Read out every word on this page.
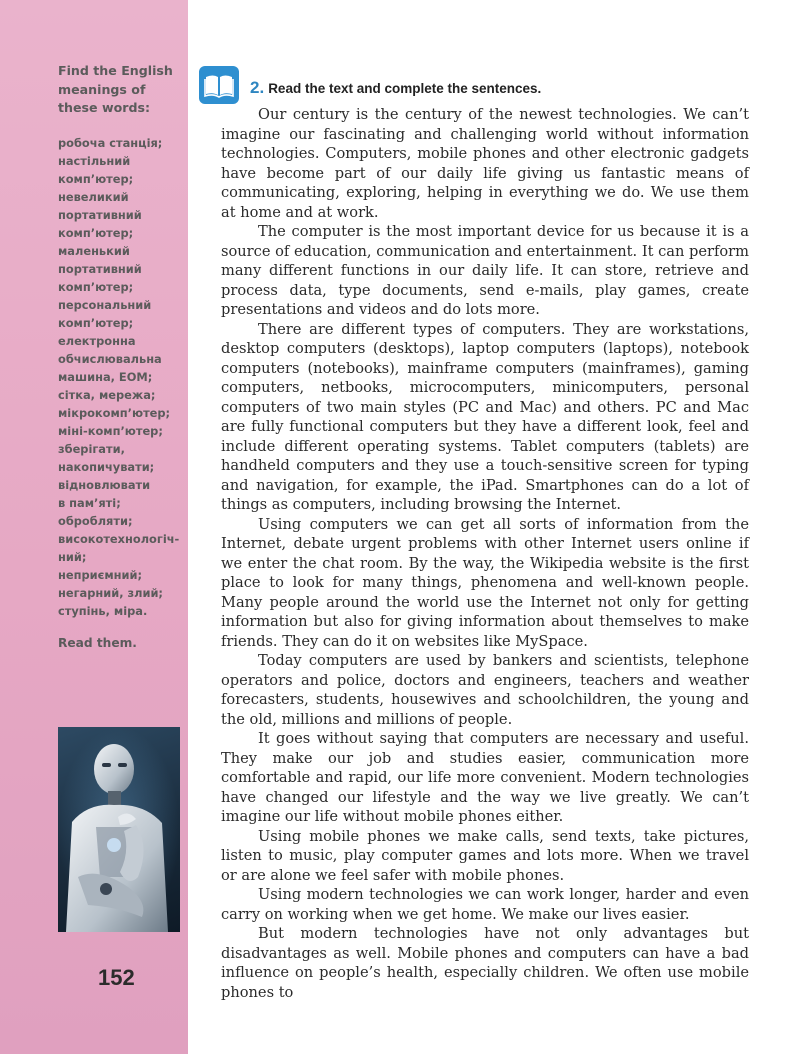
Find the English meanings of these words:
робоча станція;
настільний
комп’ютер;
невеликий
портативний
комп’ютер;
маленький
портативний
комп’ютер;
персональний
комп’ютер;
електронна
обчислювальна
машина, ЕОМ;
сітка, мережа;
мікрокомп’ютер;
міні-комп’ютер;
зберігати,
накопичувати;
відновлювати
в пам’яті;
обробляти;
високотехнологіч-
ний;
неприємний;
негарний, злий;
ступінь, міра.
Read them.
152
2. Read the text and complete the sentences.

Our century is the century of the newest technologies. We can’t imagine our fascinating and challenging world without information technologies. Computers, mobile phones and other electronic gadgets have become part of our daily life giving us fantastic means of communicating, exploring, helping in everything we do. We use them at home and at work.

The computer is the most important device for us because it is a source of education, communication and entertainment. It can perform many different functions in our daily life. It can store, retrieve and process data, type documents, send e-mails, play games, create presentations and videos and do lots more.

There are different types of computers. They are workstations, desktop computers (desktops), laptop computers (laptops), notebook computers (notebooks), mainframe computers (mainframes), gaming computers, netbooks, microcomputers, minicomputers, personal computers of two main styles (PC and Mac) and others. PC and Mac are fully functional computers but they have a different look, feel and include different operating systems. Tablet computers (tablets) are handheld computers and they use a touch-sensitive screen for typing and navigation, for example, the iPad. Smartphones can do a lot of things as computers, including browsing the Internet.

Using computers we can get all sorts of information from the Internet, debate urgent problems with other Internet users online if we enter the chat room. By the way, the Wikipedia website is the first place to look for many things, phenomena and well-known people. Many people around the world use the Internet not only for getting information but also for giving information about themselves to make friends. They can do it on websites like MySpace.

Today computers are used by bankers and scientists, telephone operators and police, doctors and engineers, teachers and weather forecasters, students, housewives and schoolchildren, the young and the old, millions and millions of people.

It goes without saying that computers are necessary and useful. They make our job and studies easier, communication more comfortable and rapid, our life more convenient. Modern technologies have changed our lifestyle and the way we live greatly. We can’t imagine our life without mobile phones either.

Using mobile phones we make calls, send texts, take pictures, listen to music, play computer games and lots more. When we travel or are alone we feel safer with mobile phones.

Using modern technologies we can work longer, harder and even carry on working when we get home. We make our lives easier.

But modern technologies have not only advantages but disadvantages as well. Mobile phones and computers can have a bad influence on people’s health, especially children. We often use mobile phones to
